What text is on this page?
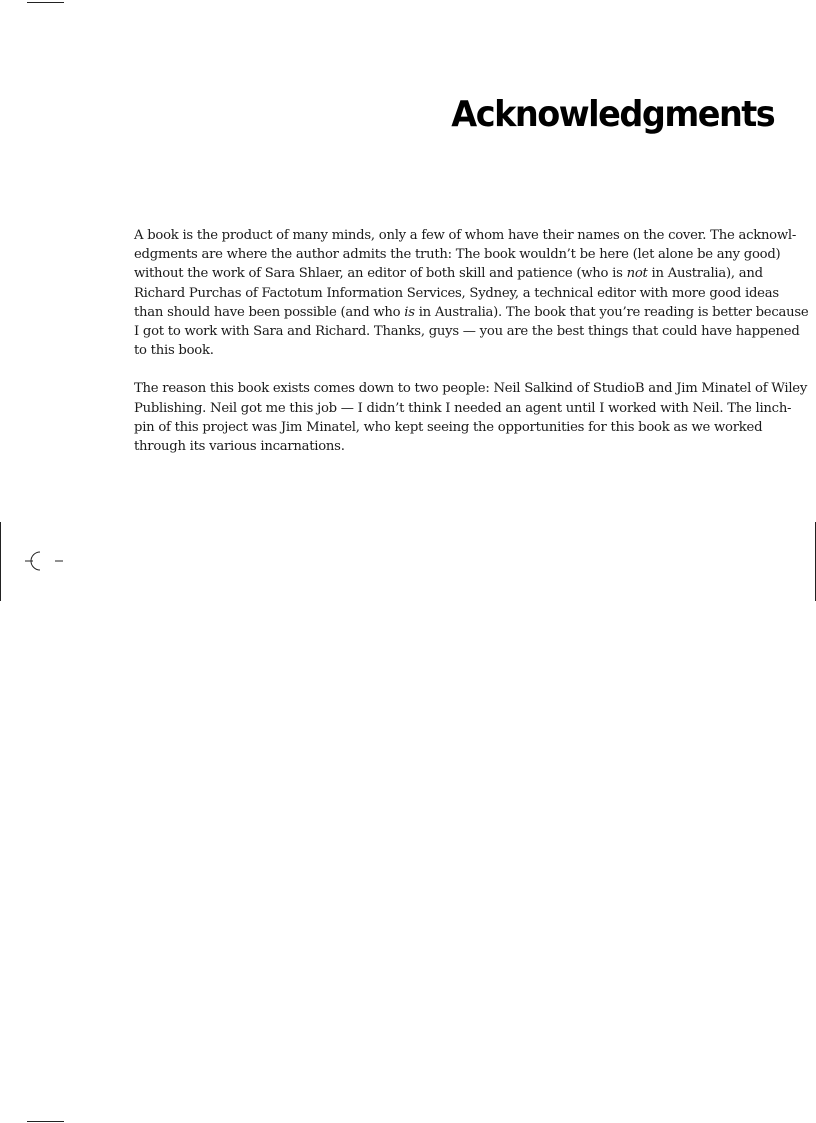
Acknowledgments

A book is the product of many minds, only a few of whom have their names on the cover. The acknowl-
edgments are where the author admits the truth: The book wouldn’t be here (let alone be any good)
without the work of Sara Shlaer, an editor of both skill and patience (who is not in Australia), and
Richard Purchas of Factotum Information Services, Sydney, a technical editor with more good ideas
than should have been possible (and who is in Australia). The book that you’re reading is better because
I got to work with Sara and Richard. Thanks, guys — you are the best things that could have happened
to this book.

The reason this book exists comes down to two people: Neil Salkind of StudioB and Jim Minatel of Wiley
Publishing. Neil got me this job — I didn’t think I needed an agent until I worked with Neil. The linch-
pin of this project was Jim Minatel, who kept seeing the opportunities for this book as we worked
through its various incarnations.
